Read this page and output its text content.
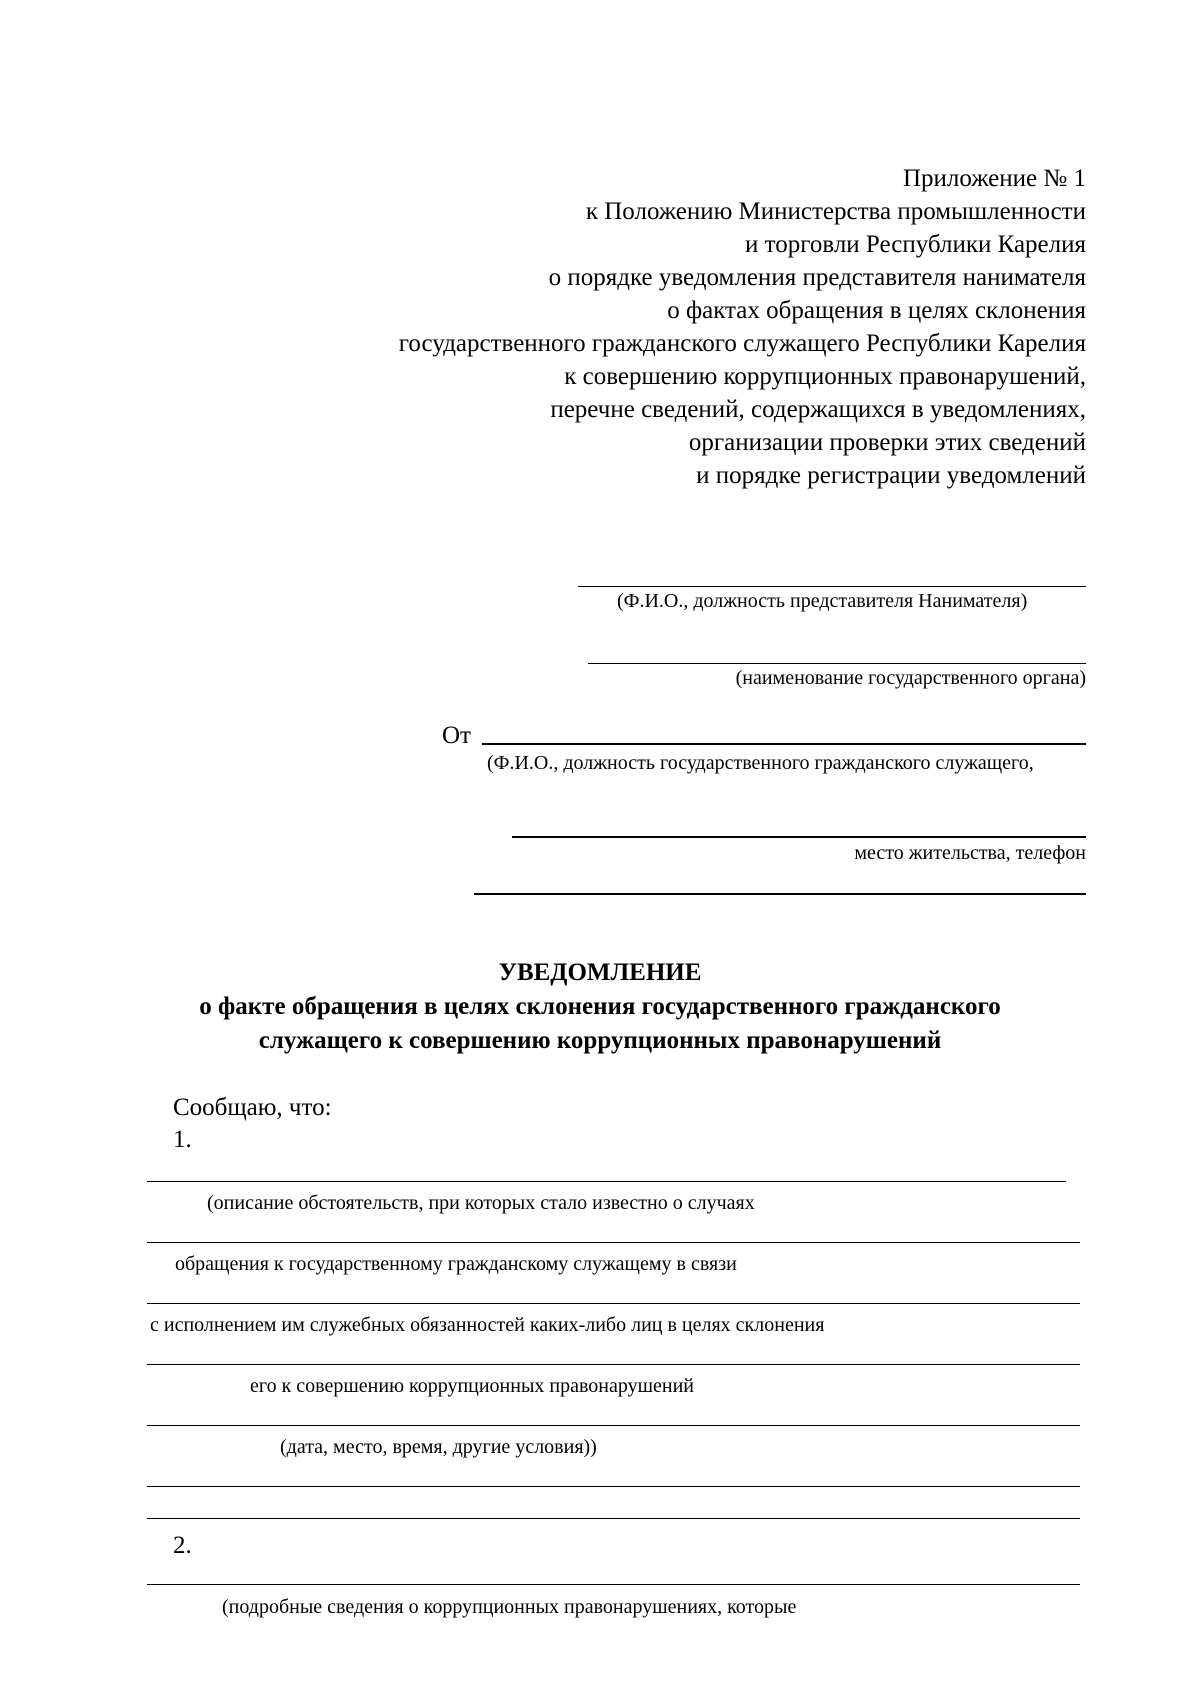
Приложение № 1
к Положению Министерства промышленности
и торговли Республики Карелия
о порядке уведомления представителя нанимателя
о фактах обращения в целях склонения
государственного гражданского служащего Республики Карелия
к совершению коррупционных правонарушений,
перечне сведений, содержащихся в уведомлениях,
организации проверки этих сведений
и порядке регистрации уведомлений
(Ф.И.О., должность представителя Нанимателя)
(наименование государственного органа)
От
(Ф.И.О., должность государственного гражданского служащего,
место жительства, телефон
УВЕДОМЛЕНИЕ
о факте обращения в целях склонения государственного гражданского
служащего к совершению коррупционных правонарушений
Сообщаю, что:
1.
(описание обстоятельств, при которых стало известно о случаях
обращения к государственному гражданскому служащему в связи
с исполнением им служебных обязанностей каких-либо лиц в целях склонения
его к совершению коррупционных правонарушений
(дата, место, время, другие условия))
2.
(подробные сведения о коррупционных правонарушениях, которые
